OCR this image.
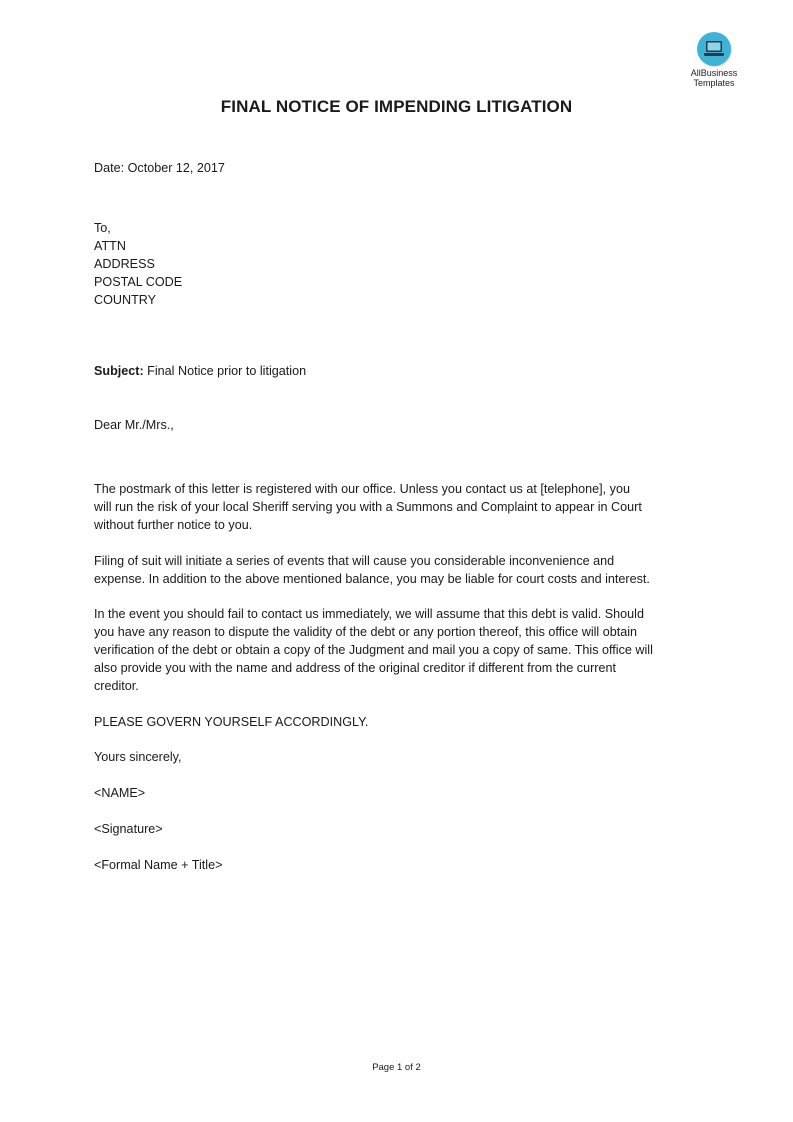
AllBusiness
Templates
FINAL NOTICE OF IMPENDING LITIGATION
Date: October 12, 2017
To,
ATTN
ADDRESS
POSTAL CODE
COUNTRY
Subject: Final Notice prior to litigation
Dear Mr./Mrs.,
The postmark of this letter is registered with our office. Unless you contact us at [telephone], you
will run the risk of your local Sheriff serving you with a Summons and Complaint to appear in Court
without further notice to you.
Filing of suit will initiate a series of events that will cause you considerable inconvenience and
expense. In addition to the above mentioned balance, you may be liable for court costs and interest.
In the event you should fail to contact us immediately, we will assume that this debt is valid. Should
you have any reason to dispute the validity of the debt or any portion thereof, this office will obtain
verification of the debt or obtain a copy of the Judgment and mail you a copy of same. This office will
also provide you with the name and address of the original creditor if different from the current
creditor.
PLEASE GOVERN YOURSELF ACCORDINGLY.
Yours sincerely,
<NAME>
<Signature>
<Formal Name + Title>
Page 1 of 2
